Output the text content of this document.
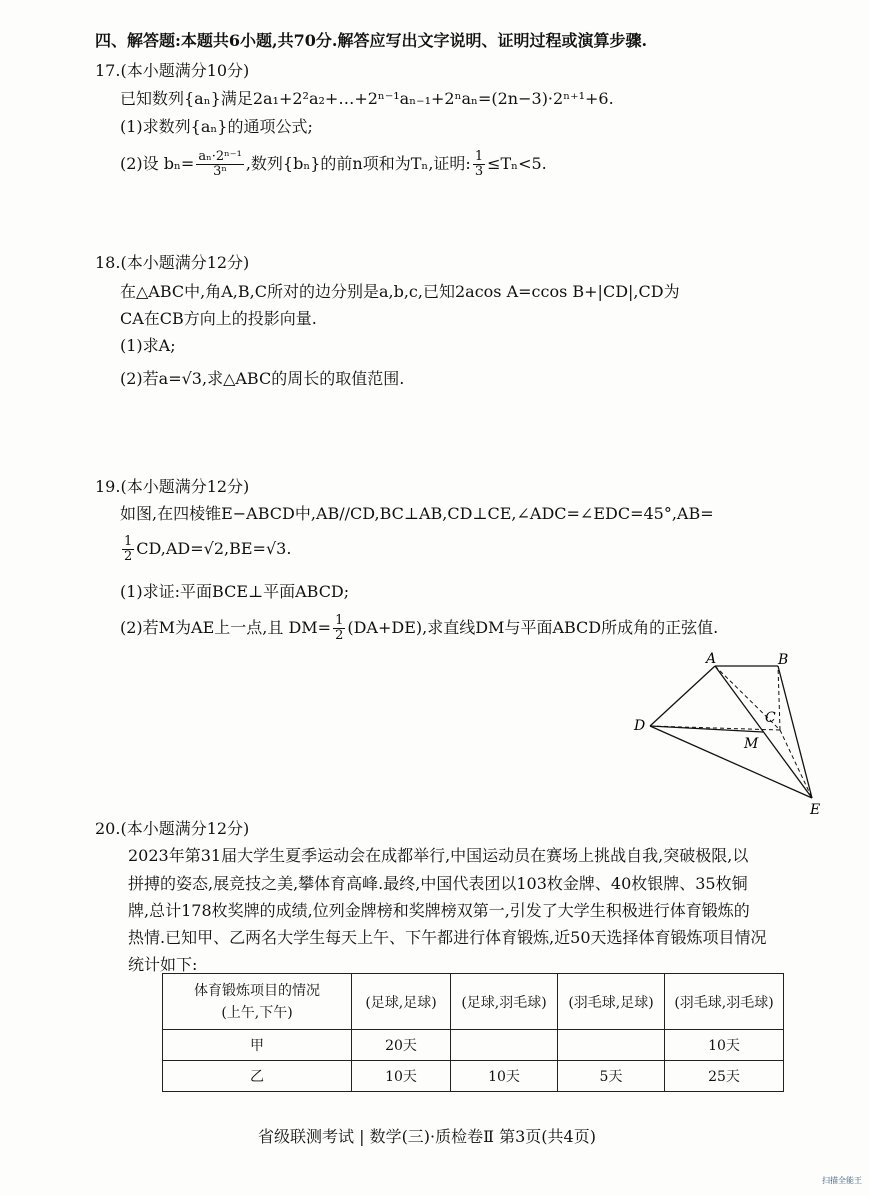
四、解答题:本题共6小题,共70分.解答应写出文字说明、证明过程或演算步骤.
17.(本小题满分10分)
已知数列{aₙ}满足2a₁+2²a₂+…+2ⁿ⁻¹aₙ₋₁+2ⁿaₙ=(2n−3)·2ⁿ⁺¹+6.
(1)求数列{aₙ}的通项公式;
(2)设 $b_n= \frac{\text{aₙ·2ⁿ⁻¹}}{\text{3ⁿ}}$ ,数列{bₙ}的前n项和为Tₙ,证明: $\frac{1}{3} \le T_n<5$.
18.(本小题满分12分)
在△ABC中,角A,B,C所对的边分别是a,b,c,已知2acos A=ccos B+|CD|,CD为
CA在CB方向上的投影向量.
(1)求A;
(2)若a=√3,求△ABC的周长的取值范围.
19.(本小题满分12分)
如图,在四棱锥E−ABCD中,AB//CD,BC⊥AB,CD⊥CE,∠ADC=∠EDC=45°,AB=
$\frac{1}{2} CD,AD=√2,BE=√3$.
(1)求证:平面BCE⊥平面ABCD;
(2)若M为AE上一点,且 $DM= \frac{1}{2} (DA+DE)$,求直线DM与平面ABCD所成角的正弦值.
A	B
C
D
M
E
20.(本小题满分12分)
2023年第31届大学生夏季运动会在成都举行,中国运动员在赛场上挑战自我,突破极限,以
拼搏的姿态,展竞技之美,攀体育高峰.最终,中国代表团以103枚金牌、40枚银牌、35枚铜
牌,总计178枚奖牌的成绩,位列金牌榜和奖牌榜双第一,引发了大学生积极进行体育锻炼的
热情.已知甲、乙两名大学生每天上午、下午都进行体育锻炼,近50天选择体育锻炼项目情况
统计如下:
体育锻炼项目的情况
(上午,下午)	(足球,足球)	(足球,羽毛球)	(羽毛球,足球)	(羽毛球,羽毛球)
甲	20天			10天
乙	10天	10天	5天	25天
省级联测考试 | 数学(三)·质检卷Ⅱ 第3页(共4页)
扫描全能王
